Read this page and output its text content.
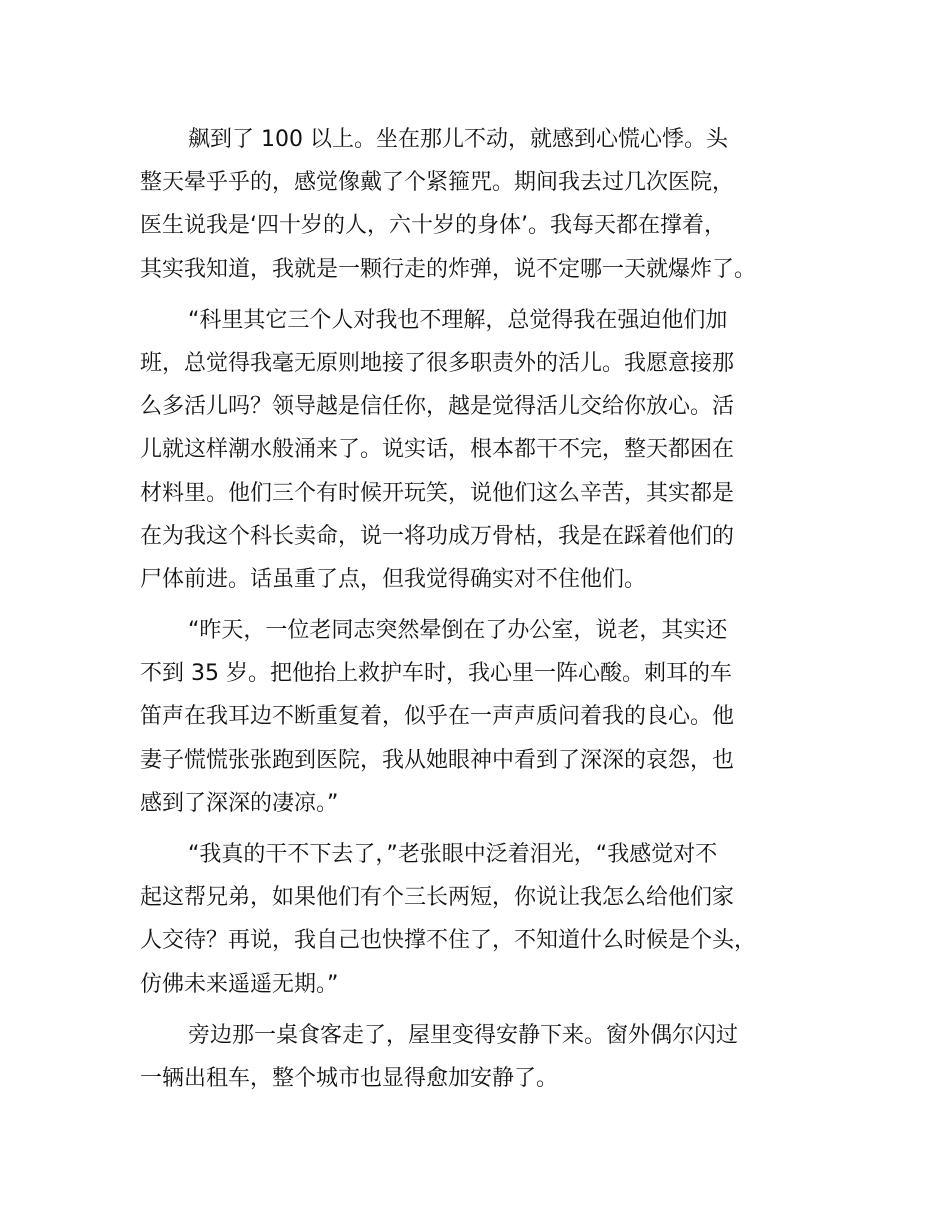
飙到了 100 以上。坐在那儿不动，就感到心慌心悸。头
整天晕乎乎的，感觉像戴了个紧箍咒。期间我去过几次医院，
医生说我是‘四十岁的人，六十岁的身体’。我每天都在撑着，
其实我知道，我就是一颗行走的炸弹，说不定哪一天就爆炸了。

“科里其它三个人对我也不理解，总觉得我在强迫他们加
班，总觉得我毫无原则地接了很多职责外的活儿。我愿意接那
么多活儿吗？领导越是信任你，越是觉得活儿交给你放心。活
儿就这样潮水般涌来了。说实话，根本都干不完，整天都困在
材料里。他们三个有时候开玩笑，说他们这么辛苦，其实都是
在为我这个科长卖命，说一将功成万骨枯，我是在踩着他们的
尸体前进。话虽重了点，但我觉得确实对不住他们。

“昨天，一位老同志突然晕倒在了办公室，说老，其实还
不到 35 岁。把他抬上救护车时，我心里一阵心酸。刺耳的车
笛声在我耳边不断重复着，似乎在一声声质问着我的良心。他
妻子慌慌张张跑到医院，我从她眼神中看到了深深的哀怨，也
感到了深深的凄凉。”

“我真的干不下去了，”老张眼中泛着泪光，“我感觉对不
起这帮兄弟，如果他们有个三长两短，你说让我怎么给他们家
人交待？再说，我自己也快撑不住了，不知道什么时候是个头，
仿佛未来遥遥无期。”

旁边那一桌食客走了，屋里变得安静下来。窗外偶尔闪过
一辆出租车，整个城市也显得愈加安静了。
